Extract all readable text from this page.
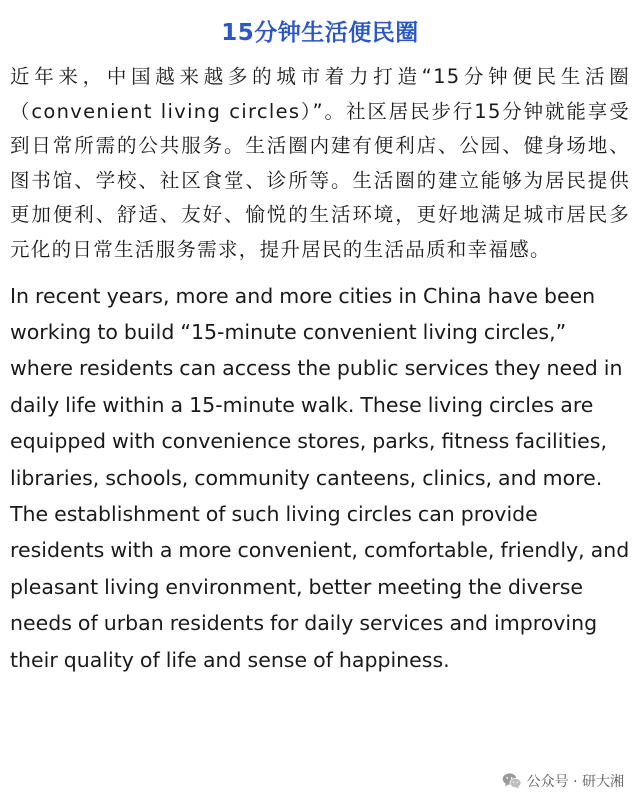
15分钟生活便民圈

近年来，中国越来越多的城市着力打造“15分钟便民生活圈（convenient living circles）”。社区居民步行15分钟就能享受到日常所需的公共服务。生活圈内建有便利店、公园、健身场地、图书馆、学校、社区食堂、诊所等。生活圈的建立能够为居民提供更加便利、舒适、友好、愉悦的生活环境，更好地满足城市居民多元化的日常生活服务需求，提升居民的生活品质和幸福感。

In recent years, more and more cities in China have been working to build “15-minute convenient living circles,” where residents can access the public services they need in daily life within a 15-minute walk. These living circles are equipped with convenience stores, parks, fitness facilities, libraries, schools, community canteens, clinics, and more. The establishment of such living circles can provide residents with a more convenient, comfortable, friendly, and pleasant living environment, better meeting the diverse needs of urban residents for daily services and improving their quality of life and sense of happiness.

公众号 · 研大湘
